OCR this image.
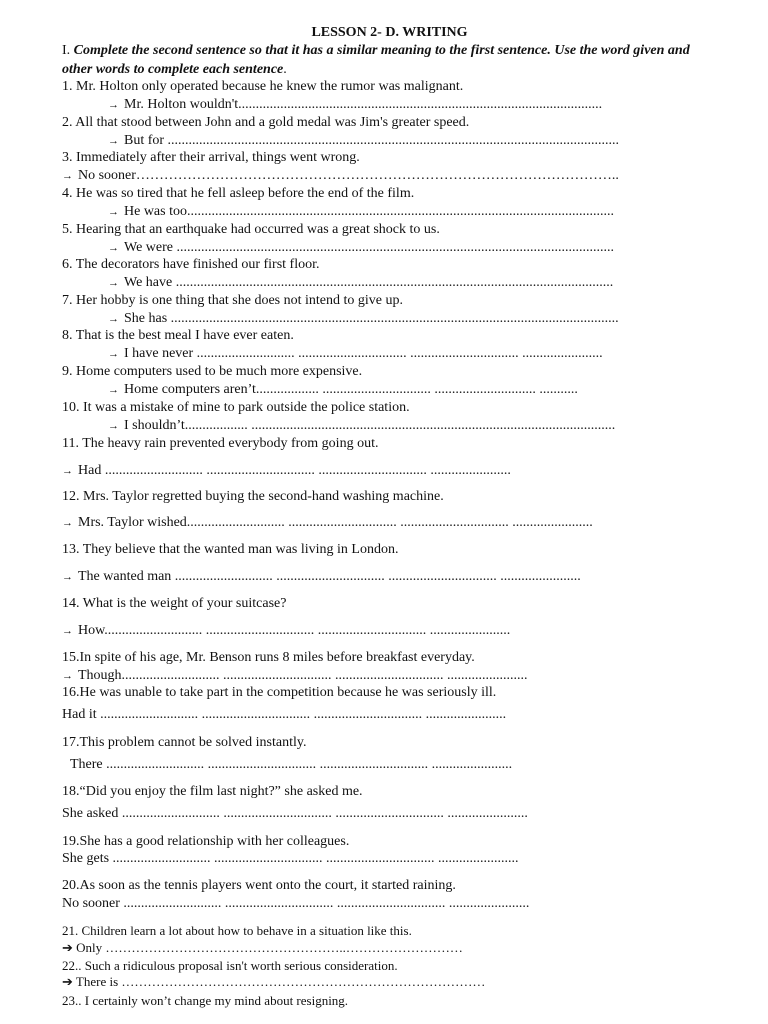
LESSON 2- D. WRITING
I. Complete the second sentence so that it has a similar meaning to the first sentence. Use the word given and other words to complete each sentence.
1. Mr. Holton only operated because he knew the rumor was malignant.
→ Mr. Holton wouldn't........................................................................................................
2. All that stood between John and a gold medal was Jim's greater speed.
→ But for .................................................................................................................................
3. Immediately after their arrival, things went wrong.
→ No sooner…………………………………………………………………………………………..
4. He was so tired that he fell asleep before the end of the film.
→ He was too..........................................................................................................................
5. Hearing that an earthquake had occurred was a great shock to us.
→ We were .............................................................................................................................
6. The decorators have finished our first floor.
→ We have .............................................................................................................................
7. Her hobby is one thing that she does not intend to give up.
→ She has ................................................................................................................................
8. That is the best meal I have ever eaten.
→ I have never ............................ ............................... ............................... .......................
9. Home computers used to be much more expensive.
→ Home computers aren’t.................. ............................... ............................. ...........
10. It was a mistake of mine to park outside the police station.
→ I shouldn’t.................. ........................................................................................................
11. The heavy rain prevented everybody from going out.
→ Had ............................ ............................... ............................... .......................
12. Mrs. Taylor regretted buying the second-hand washing machine.
→ Mrs. Taylor wished............................ ............................... ............................... .......................
13. They believe that the wanted man was living in London.
→ The wanted man ............................ ............................... ............................... .......................
14. What is the weight of your suitcase?
→ How............................ ............................... ............................... .......................
15.In spite of his age, Mr. Benson runs 8 miles before breakfast everyday.
→ Though............................ ............................... ............................... .......................
16.He was unable to take part in the competition because he was seriously ill.
Had it ............................ ............................... ............................... .......................
17.This problem cannot be solved instantly.
There ............................ ............................... ............................... .......................
18.“Did you enjoy the film last night?” she asked me.
She asked ............................ ............................... ............................... .......................
19.She has a good relationship with her colleagues.
She gets ............................ ............................... ............................... .......................
20.As soon as the tennis players went onto the court, it started raining.
No sooner ............................ ............................... ............................... .......................
21. Children learn a lot about how to behave in a situation like this.
➔ Only ………………………………………………..………………………
22.. Such a ridiculous proposal isn't worth serious consideration.
➔ There is …………………………………………………………………………
23.. I certainly won’t change my mind about resigning.
